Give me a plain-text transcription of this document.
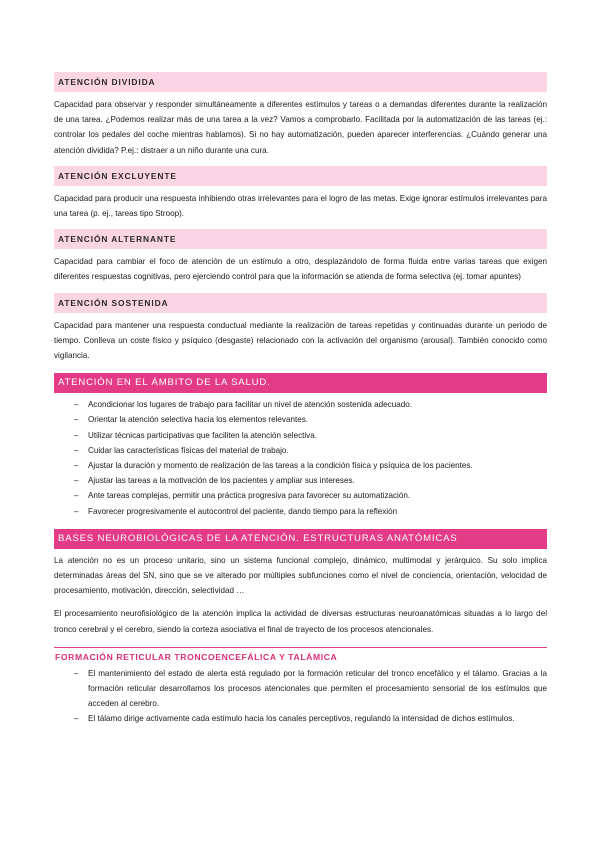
ATENCIÓN DIVIDIDA

Capacidad para observar y responder simultáneamente a diferentes estímulos y tareas o a demandas diferentes durante la realización de una tarea. ¿Podemos realizar más de una tarea a la vez? Vamos a comprobarlo. Facilitada por la automatización de las tareas (ej.: controlar los pedales del coche mientras hablamos). Si no hay automatización, pueden aparecer interferencias. ¿Cuándo generar una atención dividida? P.ej.: distraer a un niño durante una cura.

ATENCIÓN EXCLUYENTE

Capacidad para producir una respuesta inhibiendo otras irrelevantes para el logro de las metas. Exige ignorar estímulos irrelevantes para una tarea (p. ej., tareas tipo Stroop).

ATENCIÓN ALTERNANTE

Capacidad para cambiar el foco de atención de un estímulo a otro, desplazándolo de forma fluida entre varias tareas que exigen diferentes respuestas cognitivas, pero ejerciendo control para que la información se atienda de forma selectiva (ej. tomar apuntes)

ATENCIÓN SOSTENIDA

Capacidad para mantener una respuesta conductual mediante la realización de tareas repetidas y continuadas durante un periodo de tiempo. Conlleva un coste físico y psíquico (desgaste) relacionado con la activación del organismo (arousal). También conocido como vigilancia.

ATENCIÓN EN EL ÁMBITO DE LA SALUD.
– Acondicionar los lugares de trabajo para facilitar un nivel de atención sostenida adecuado.
– Orientar la atención selectiva hacia los elementos relevantes.
– Utilizar técnicas participativas que faciliten la atención selectiva.
– Cuidar las características físicas del material de trabajo.
– Ajustar la duración y momento de realización de las tareas a la condición física y psíquica de los pacientes.
– Ajustar las tareas a la motivación de los pacientes y ampliar sus intereses.
– Ante tareas complejas, permitir una práctica progresiva para favorecer su automatización.
– Favorecer progresivamente el autocontrol del paciente, dando tiempo para la reflexión
BASES NEUROBIOLÓGICAS DE LA ATENCIÓN. ESTRUCTURAS ANATÓMICAS

La atención no es un proceso unitario, sino un sistema funcional complejo, dinámico, multimodal y jerárquico. Su solo implica determinadas áreas del SN, sino que se ve alterado por múltiples subfunciones como el nivel de conciencia, orientación, velocidad de procesamiento, motivación, dirección, selectividad …

El procesamiento neurofisiológico de la atención implica la actividad de diversas estructuras neuroanatómicas situadas a lo largo del tronco cerebral y el cerebro, siendo la corteza asociativa el final de trayecto de los procesos atencionales.

FORMACIÓN RETICULAR TRONCOENCEFÁLICA Y TALÁMICA
– El mantenimiento del estado de alerta está regulado por la formación reticular del tronco encefálico y el tálamo. Gracias a la formación reticular desarrollamos los procesos atencionales que permiten el procesamiento sensorial de los estímulos que acceden al cerebro.
– El tálamo dirige activamente cada estímulo hacia los canales perceptivos, regulando la intensidad de dichos estímulos.
